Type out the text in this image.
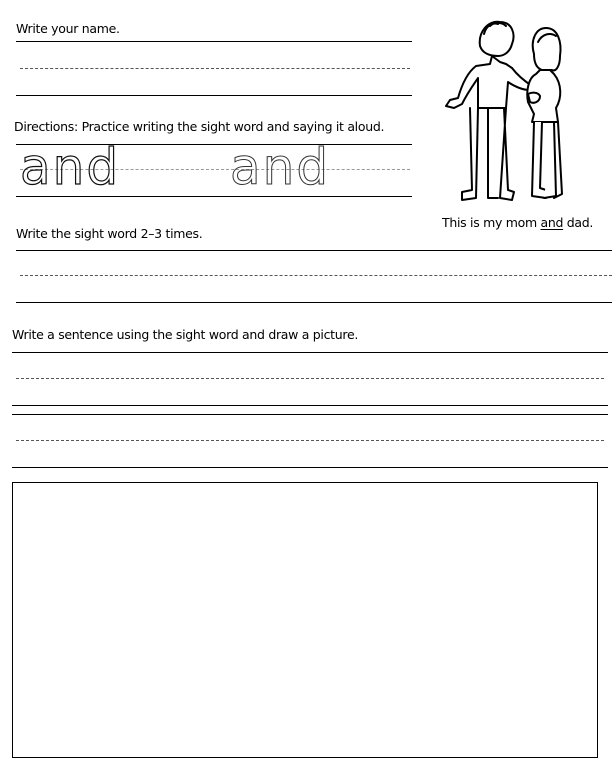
Write your name.
Directions: Practice writing the sight word and saying it aloud.
and and
This is my mom and dad.
Write the sight word 2–3 times.
Write a sentence using the sight word and draw a picture.
